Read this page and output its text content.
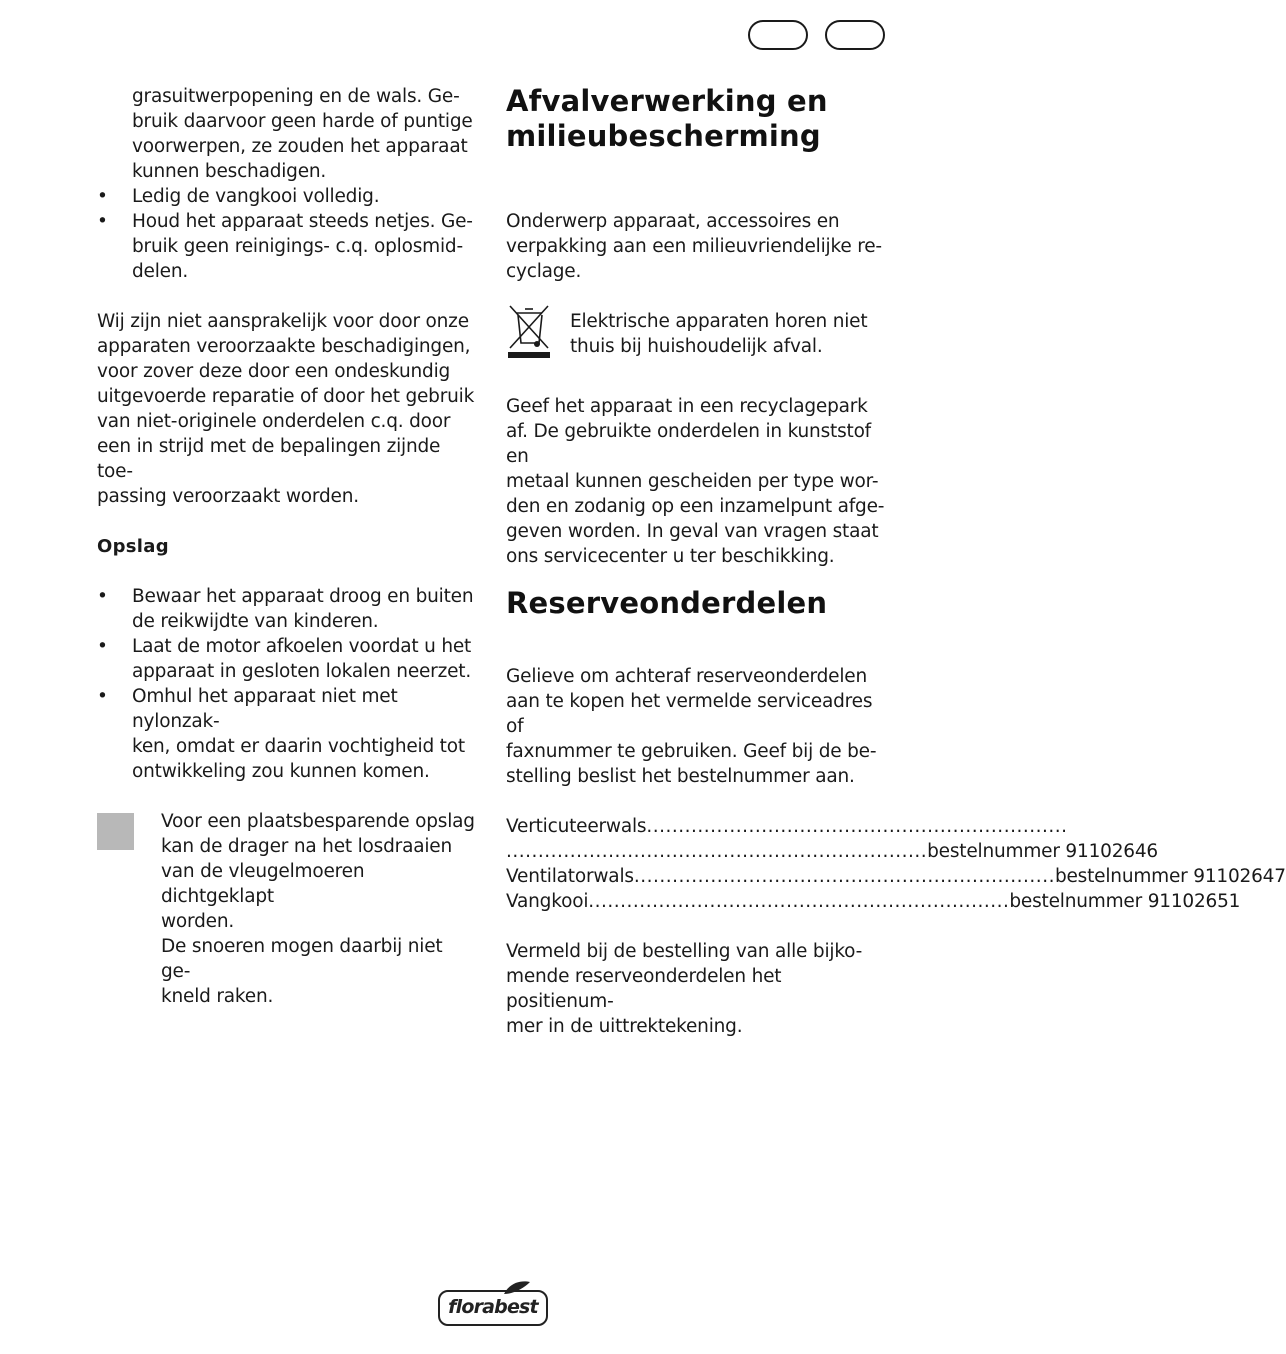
grasuitwerpopening en de wals. Ge-
bruik daarvoor geen harde of puntige
voorwerpen, ze zouden het apparaat
kunnen beschadigen.

• Ledig de vangkooi volledig.
• Houd het apparaat steeds netjes. Ge-
bruik geen reinigings- c.q. oplosmid-
delen.

Wij zijn niet aansprakelijk voor door onze
apparaten veroorzaakte beschadigingen,
voor zover deze door een ondeskundig
uitgevoerde reparatie of door het gebruik
van niet-originele onderdelen c.q. door
een in strijd met de bepalingen zijnde toe-
passing veroorzaakt worden.

Opslag
• Bewaar het apparaat droog en buiten
de reikwijdte van kinderen.
• Laat de motor afkoelen voordat u het
apparaat in gesloten lokalen neerzet.
• Omhul het apparaat niet met nylonzak-
ken, omdat er daarin vochtigheid tot
ontwikkeling zou kunnen komen.
Voor een plaatsbesparende opslag
kan de drager na het losdraaien
van de vleugelmoeren dichtgeklapt
worden.
De snoeren mogen daarbij niet ge-
kneld raken.
Afvalverwerking en
milieubescherming

Onderwerp apparaat, accessoires en
verpakking aan een milieuvriendelijke re-
cyclage.

Elektrische apparaten horen niet
thuis bij huishoudelijk afval.

Geef het apparaat in een recyclagepark
af. De gebruikte onderdelen in kunststof en
metaal kunnen gescheiden per type wor-
den en zodanig op een inzamelpunt afge-
geven worden. In geval van vragen staat
ons servicecenter u ter beschikking.

Reserveonderdelen

Gelieve om achteraf reserveonderdelen
aan te kopen het vermelde serviceadres of
faxnummer te gebruiken. Geef bij de be-
stelling beslist het bestelnummer aan.

Verticuteerwals ..................................................................
.................................................................. bestelnummer 91102646
Ventilatorwals .................................................................. bestelnummer 91102647
Vangkooi .................................................................. bestelnummer 91102651

Vermeld bij de bestelling van alle bijko-
mende reserveonderdelen het positienum-
mer in de uittrektekening.

florabest
